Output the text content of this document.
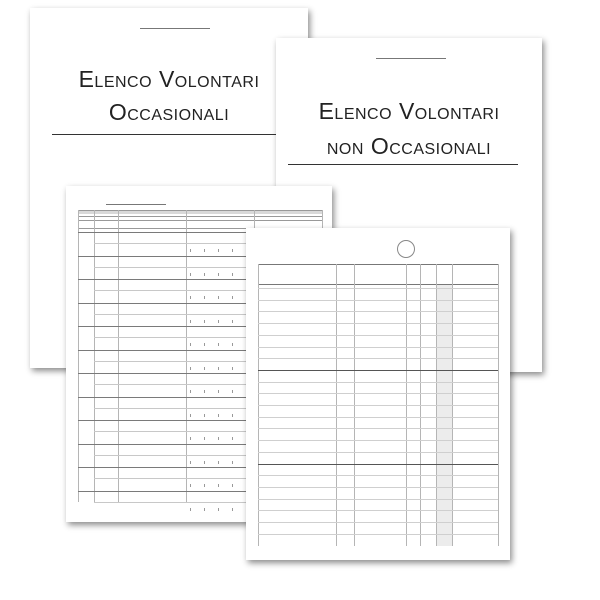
Elenco Volontari
Occasionali	Elenco Volontari
non Occasionali
